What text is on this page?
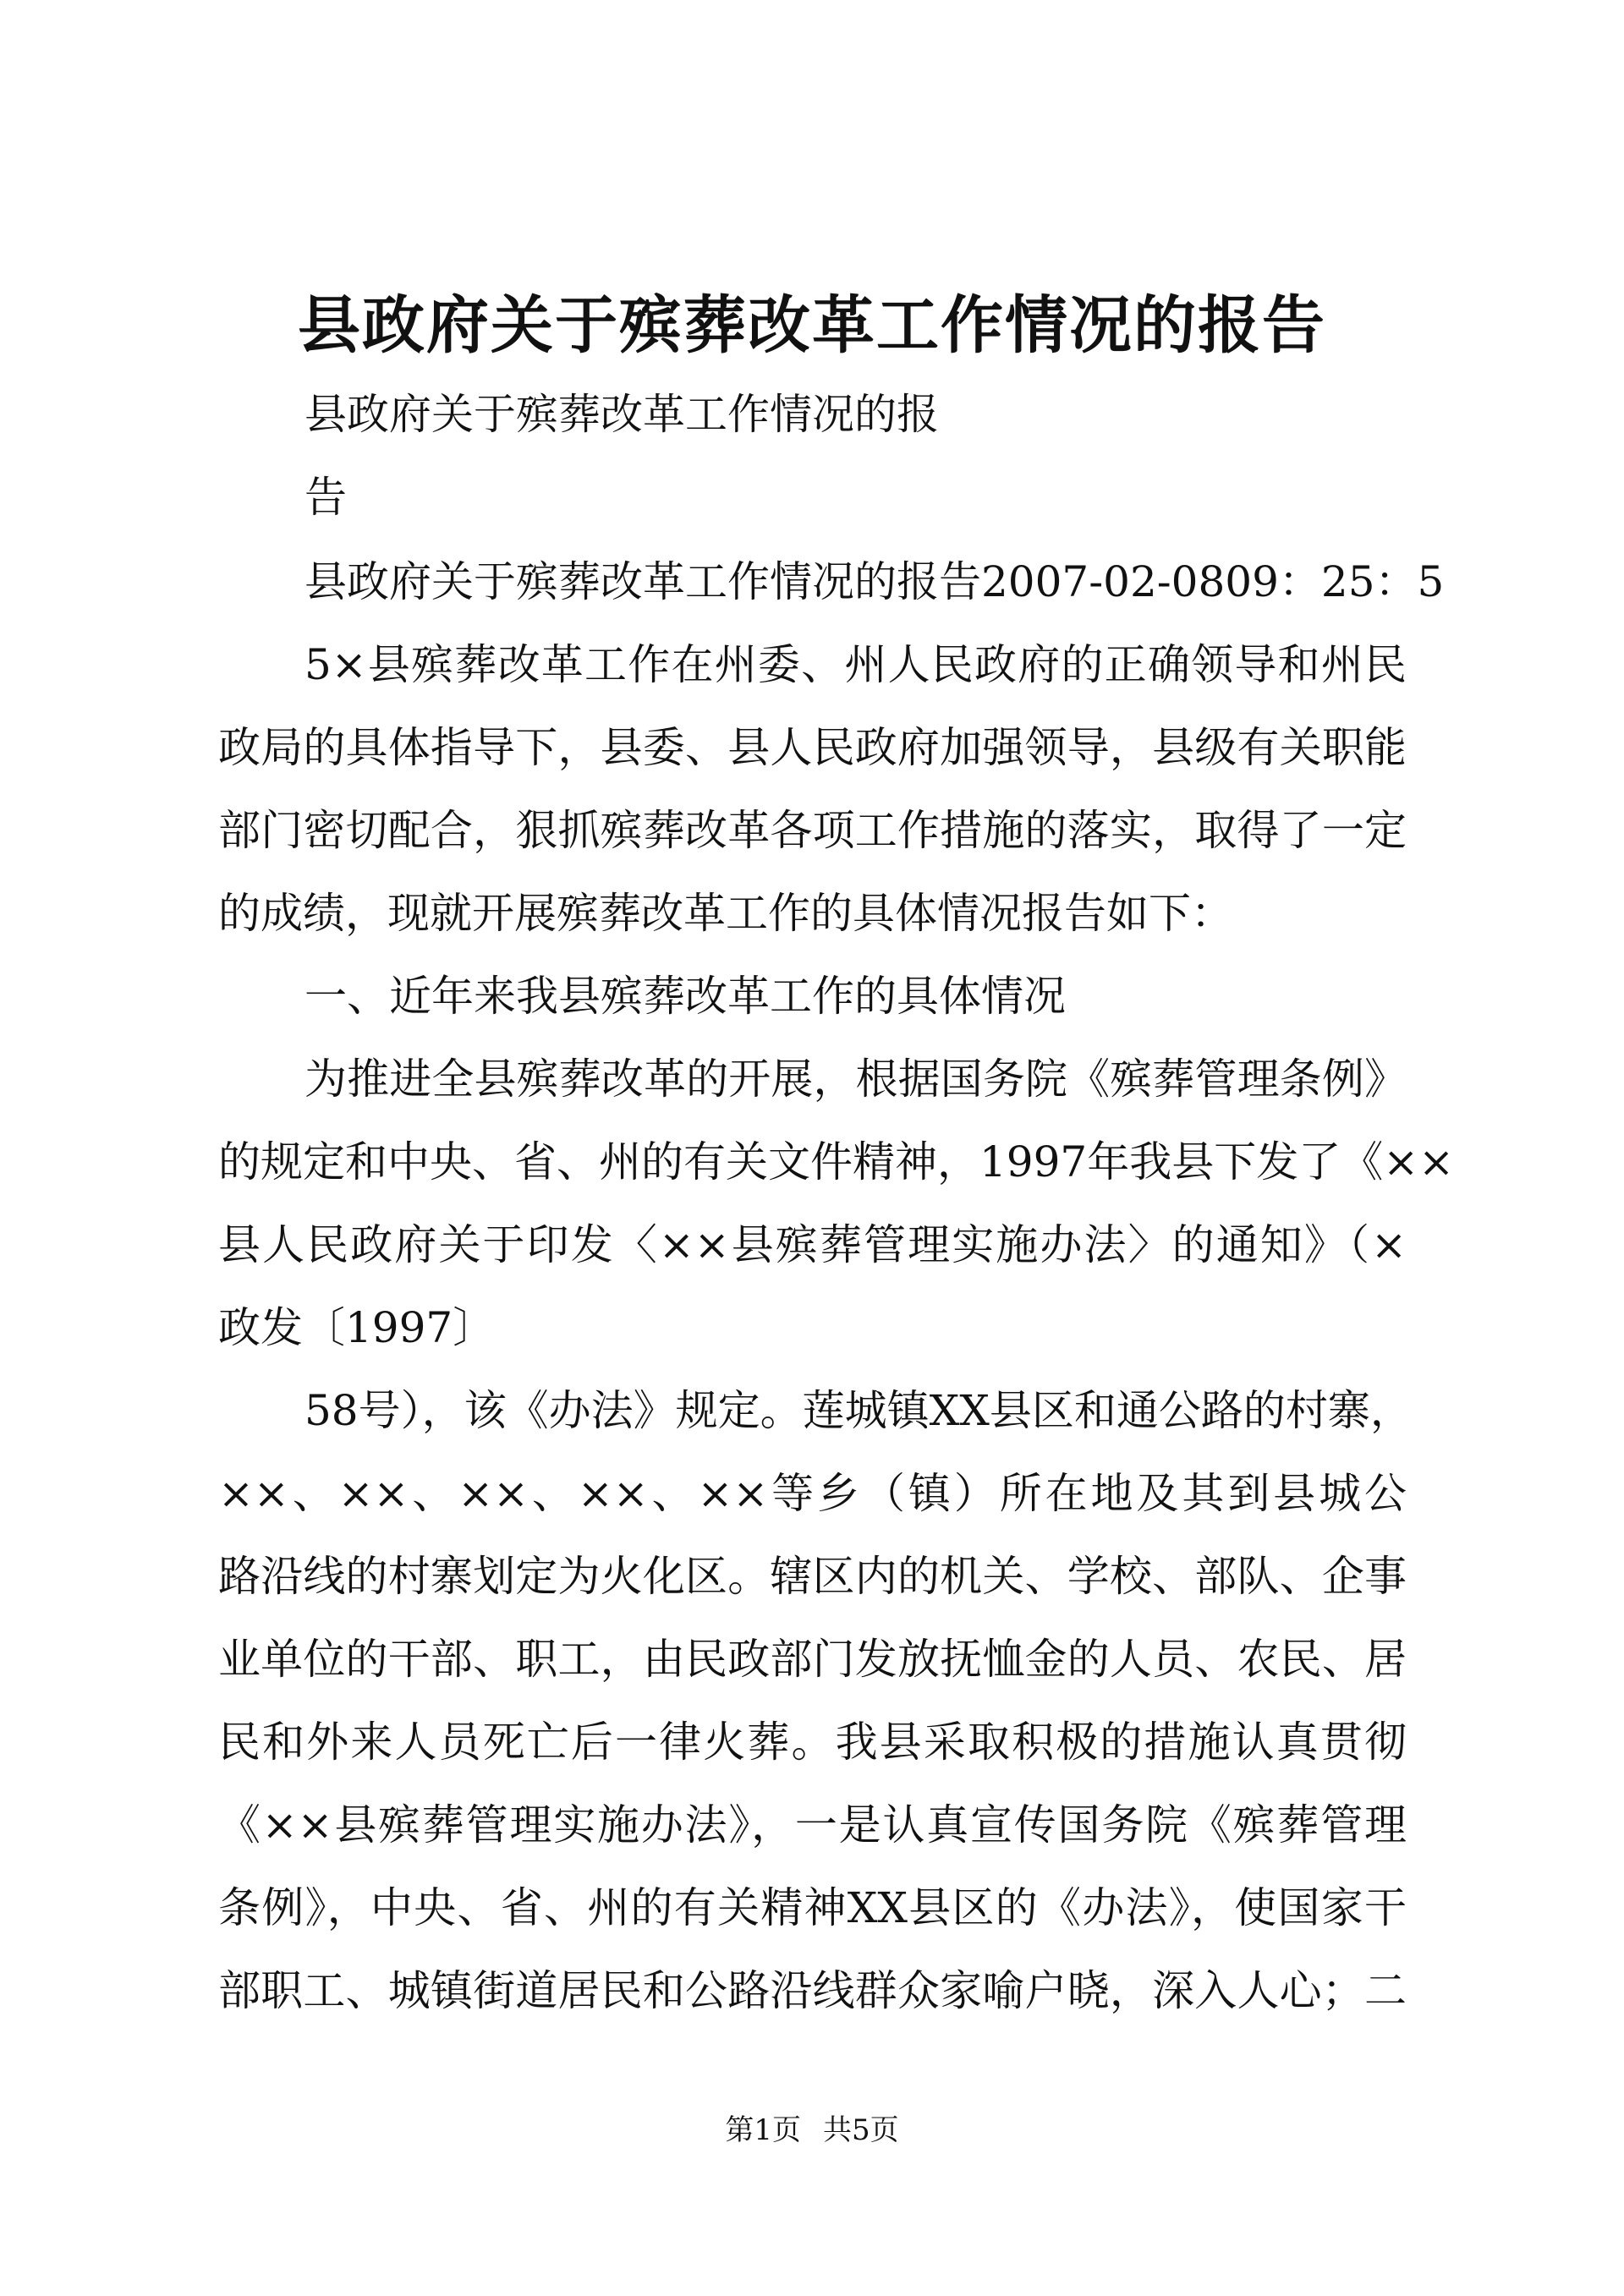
县政府关于殡葬改革工作情况的报告
县政府关于殡葬改革工作情况的报
告
县政府关于殡葬改革工作情况的报告2007-02-0809：25：5
5×县殡葬改革工作在州委、州人民政府的正确领导和州民
政局的具体指导下，县委、县人民政府加强领导，县级有关职能
部门密切配合，狠抓殡葬改革各项工作措施的落实，取得了一定
的成绩，现就开展殡葬改革工作的具体情况报告如下：
一、近年来我县殡葬改革工作的具体情况
为推进全县殡葬改革的开展，根据国务院《殡葬管理条例》
的规定和中央、省、州的有关文件精神，1997年我县下发了《××
县人民政府关于印发〈××县殡葬管理实施办法〉的通知》（×
政发〔1997〕
58号），该《办法》规定。莲城镇XX县区和通公路的村寨，
××、××、××、××、××等乡（镇）所在地及其到县城公
路沿线的村寨划定为火化区。辖区内的机关、学校、部队、企事
业单位的干部、职工，由民政部门发放抚恤金的人员、农民、居
民和外来人员死亡后一律火葬。我县采取积极的措施认真贯彻
《××县殡葬管理实施办法》，一是认真宣传国务院《殡葬管理
条例》，中央、省、州的有关精神XX县区的《办法》，使国家干
部职工、城镇街道居民和公路沿线群众家喻户晓，深入人心；二
第1页 共5页
